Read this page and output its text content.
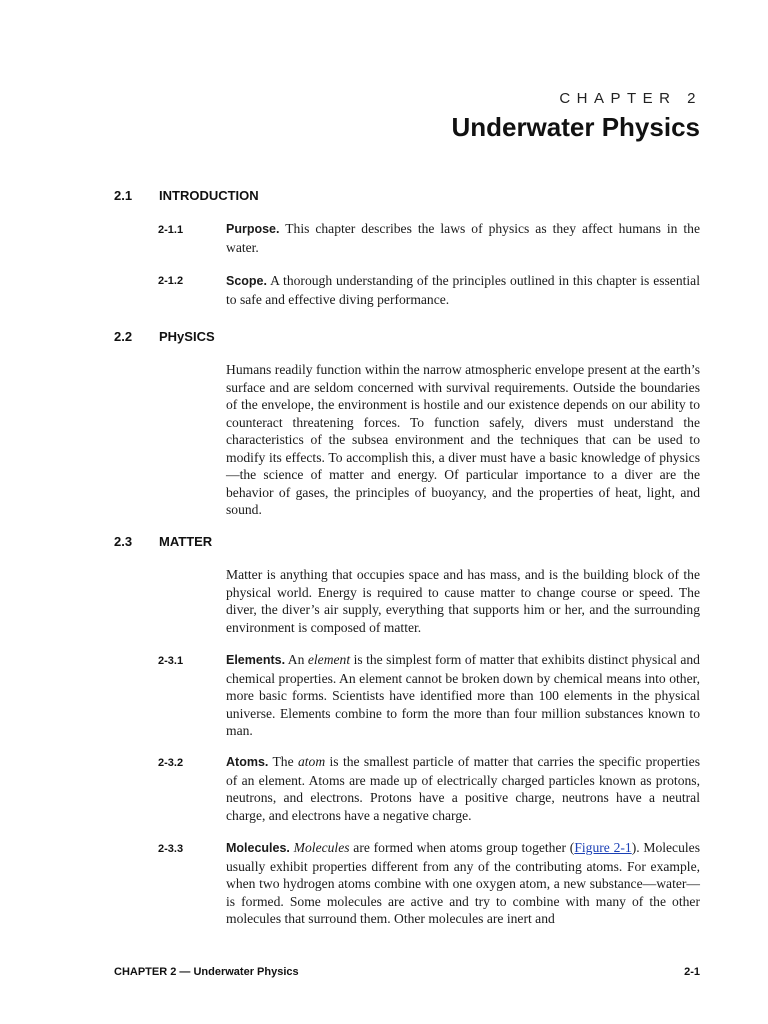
CHAPTER 2
Underwater Physics
2.1 INTRODUCTION
2-1.1	Purpose. This chapter describes the laws of physics as they affect humans in the water.

2-1.2	Scope. A thorough understanding of the principles outlined in this chapter is essential to safe and effective diving performance.

2.2 PHySICS

Humans readily function within the narrow atmospheric envelope present at the earth’s surface and are seldom concerned with survival requirements. Outside the boundaries of the envelope, the environment is hostile and our existence depends on our ability to counteract threatening forces. To function safely, divers must understand the characteristics of the subsea environment and the techniques that can be used to modify its effects. To accomplish this, a diver must have a basic knowledge of physics—the science of matter and energy. Of particular importance to a diver are the behavior of gases, the principles of buoyancy, and the properties of heat, light, and sound.

2.3 MATTER

Matter is anything that occupies space and has mass, and is the building block of the physical world. Energy is required to cause matter to change course or speed. The diver, the diver’s air supply, everything that supports him or her, and the surrounding environment is composed of matter.

2-3.1	Elements. An element is the simplest form of matter that exhibits distinct physical and chemical properties. An element cannot be broken down by chemical means into other, more basic forms. Scientists have identified more than 100 elements in the physical universe. Elements combine to form the more than four million substances known to man.

2-3.2	Atoms. The atom is the smallest particle of matter that carries the specific properties of an element. Atoms are made up of electrically charged particles known as protons, neutrons, and electrons. Protons have a positive charge, neutrons have a neutral charge, and electrons have a negative charge.

2-3.3	Molecules. Molecules are formed when atoms group together (Figure 2-1). Molecules usually exhibit properties different from any of the contributing atoms. For example, when two hydrogen atoms combine with one oxygen atom, a new substance—water—is formed. Some molecules are active and try to combine with many of the other molecules that surround them. Other molecules are inert and

CHAPTER 2 — Underwater Physics	2-1
